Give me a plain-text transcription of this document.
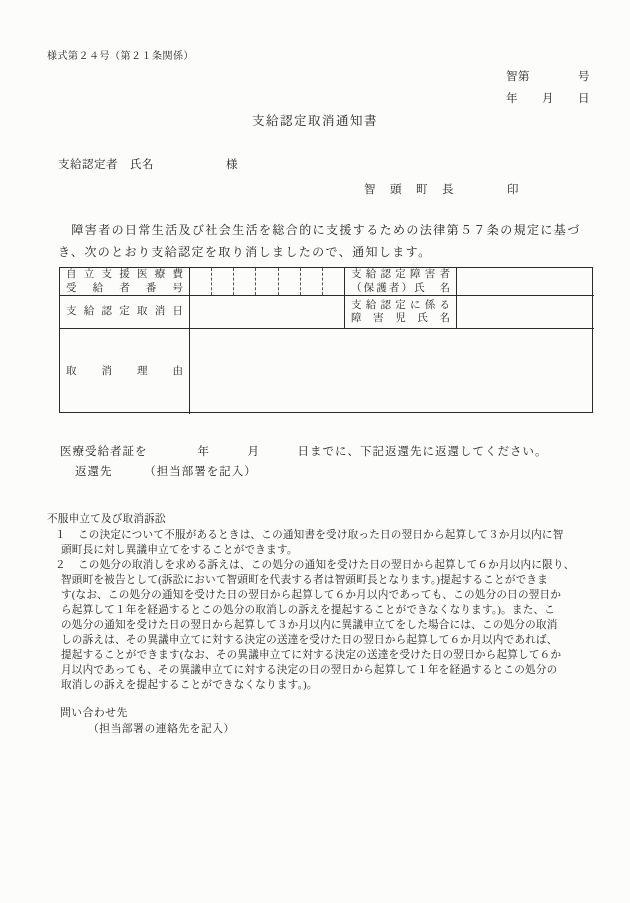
様式第２４号（第２１条関係）
智第　　　　号
年　　月　　日
支給認定取消通知書
支給認定者　氏名　　　　　　様
智　頭　町　長　　　　印
　障害者の日常生活及び社会生活を総合的に支援するための法律第５７条の規定に基づ
き、次のとおり支給認定を取り消しましたので、通知します。
自立支援医療費
受給者番号
支給認定障害者
（保護者）氏　名
支給認定取消日
支給認定に係る
障害児氏名
取消理由
医療受給者証を　　　　年　　　月　　　日までに、下記返還先に返還してください。
返還先　　　（担当部署を記入）
不服申立て及び取消訴訟
１ この決定について不服があるときは、この通知書を受け取った日の翌日から起算して３か月以内に智
頭町長に対し異議申立てをすることができます。
２ この処分の取消しを求める訴えは、この処分の通知を受けた日の翌日から起算して６か月以内に限り、
智頭町を被告として(訴訟において智頭町を代表する者は智頭町長となります。)提起することができま
す(なお、この処分の通知を受けた日の翌日から起算して６か月以内であっても、この処分の日の翌日か
ら起算して１年を経過するとこの処分の取消しの訴えを提起することができなくなります。)。また、こ
の処分の通知を受けた日の翌日から起算して３か月以内に異議申立てをした場合には、この処分の取消
しの訴えは、その異議申立てに対する決定の送達を受けた日の翌日から起算して６か月以内であれば、
提起することができます(なお、その異議申立てに対する決定の送達を受けた日の翌日から起算して６か
月以内であっても、その異議申立てに対する決定の日の翌日から起算して１年を経過するとこの処分の
取消しの訴えを提起することができなくなります。)。
問い合わせ先
（担当部署の連絡先を記入）
